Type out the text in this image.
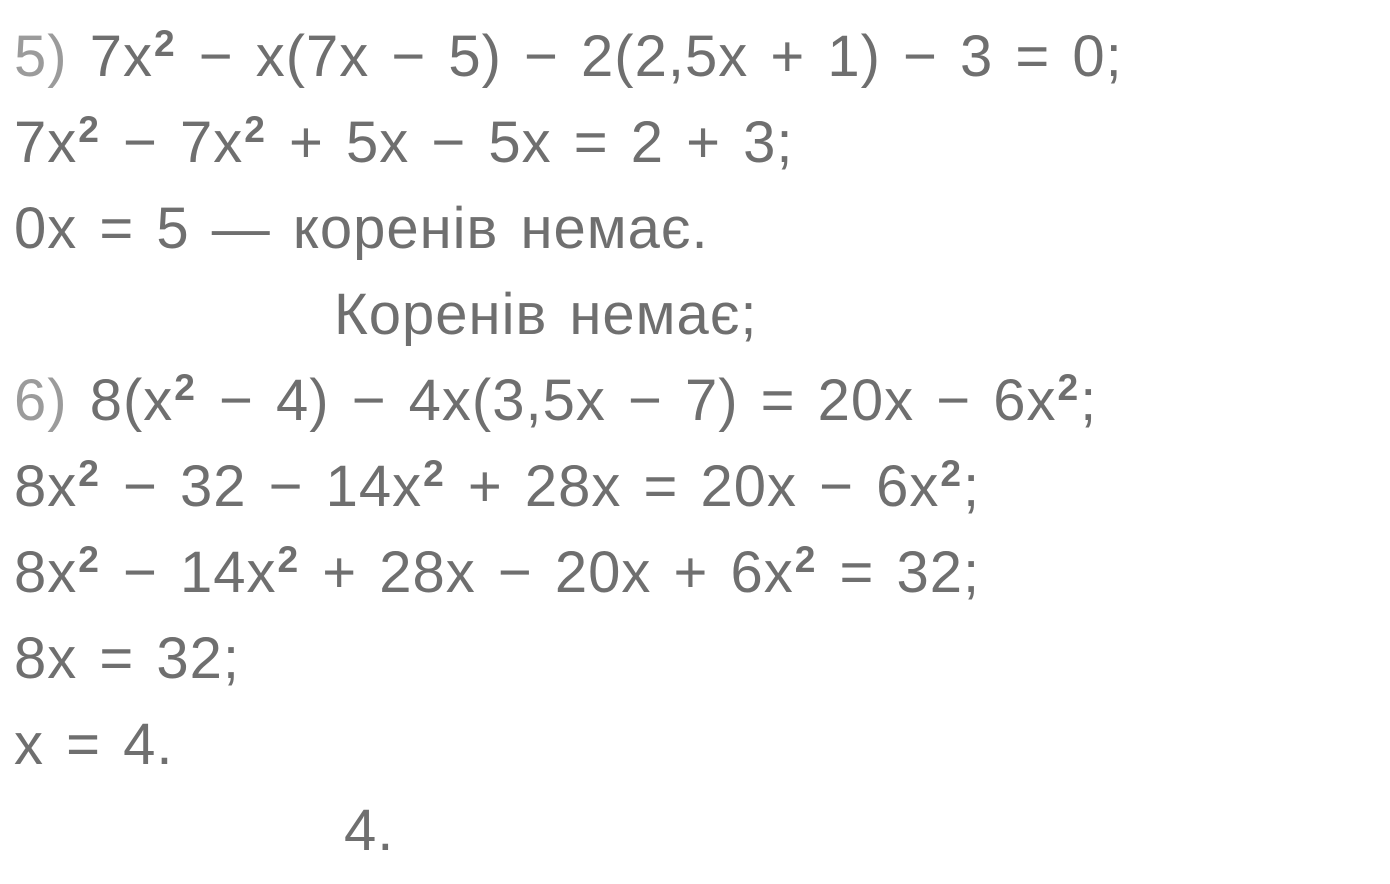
5) $7x^2 - x(7x - 5) - 2(2,5x + 1) - 3 = 0$;
$7x^2 - 7x^2 + 5x - 5x = 2 + 3$;
0x = 5 — коренів немає.
Коренів немає;
6) $8(x^2 - 4) - 4x(3,5x - 7) = 20x - 6x^2$;
$8x^2 - 32 - 14x^2 + 28x = 20x - 6x^2$;
$8x^2 - 14x^2 + 28x - 20x + 6x^2 = 32$;
8x = 32;
x = 4.
4.
